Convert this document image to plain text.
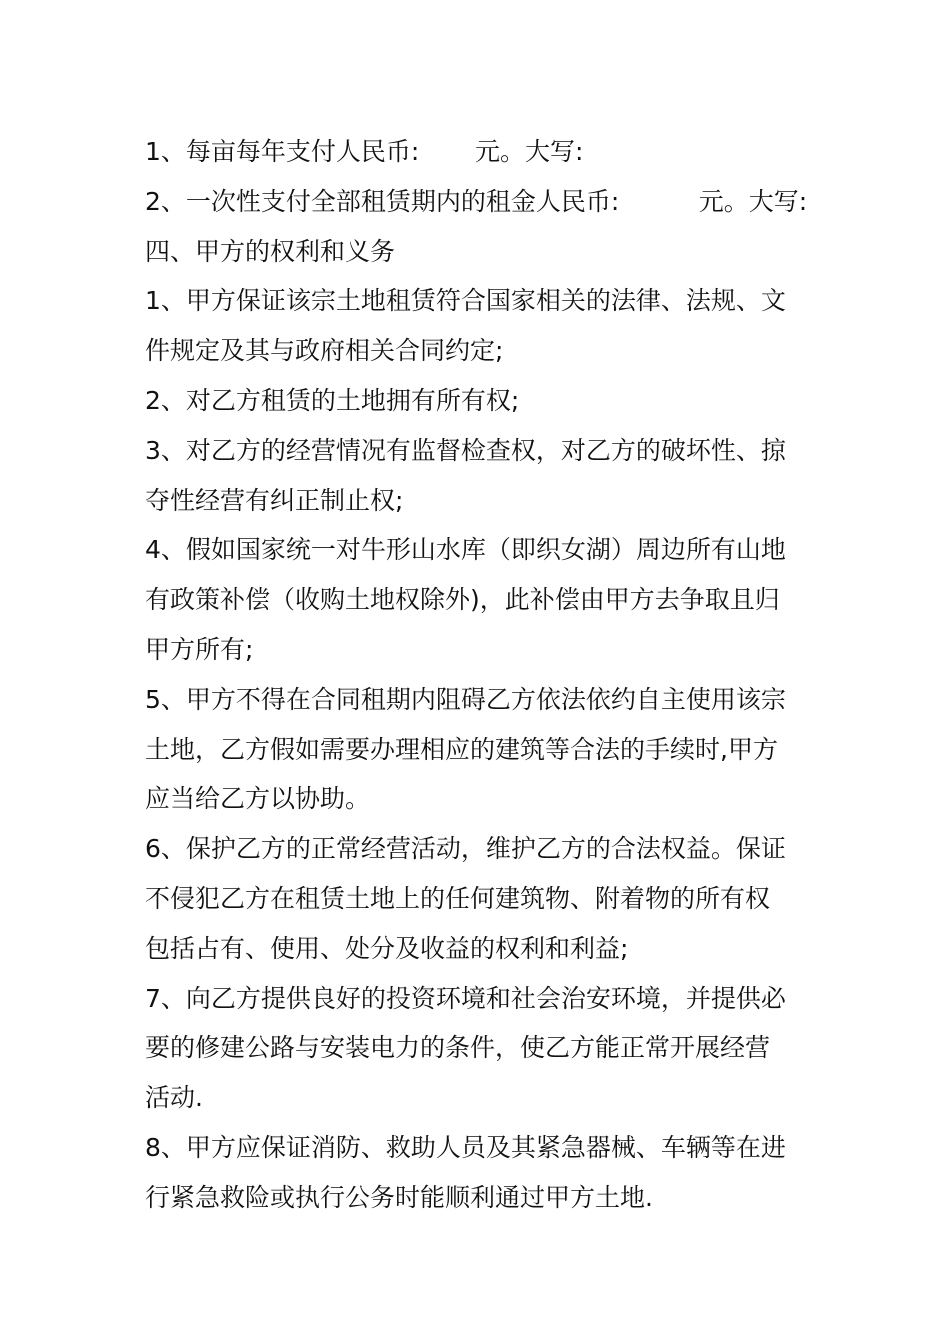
1、每亩每年支付人民币:       元。大写:
2、一次性支付全部租赁期内的租金人民币:          元。大写:
四、甲方的权利和义务
1、甲方保证该宗土地租赁符合国家相关的法律、法规、文
件规定及其与政府相关合同约定;
2、对乙方租赁的土地拥有所有权;
3、对乙方的经营情况有监督检查权，对乙方的破坏性、掠
夺性经营有纠正制止权;
4、假如国家统一对牛形山水库（即织女湖）周边所有山地
有政策补偿（收购土地权除外)，此补偿由甲方去争取且归
甲方所有;
5、甲方不得在合同租期内阻碍乙方依法依约自主使用该宗
土地，乙方假如需要办理相应的建筑等合法的手续时,甲方
应当给乙方以协助。
6、保护乙方的正常经营活动，维护乙方的合法权益。保证
不侵犯乙方在租赁土地上的任何建筑物、附着物的所有权
包括占有、使用、处分及收益的权利和利益;
7、向乙方提供良好的投资环境和社会治安环境，并提供必
要的修建公路与安装电力的条件，使乙方能正常开展经营
活动.
8、甲方应保证消防、救助人员及其紧急器械、车辆等在进
行紧急救险或执行公务时能顺利通过甲方土地.
